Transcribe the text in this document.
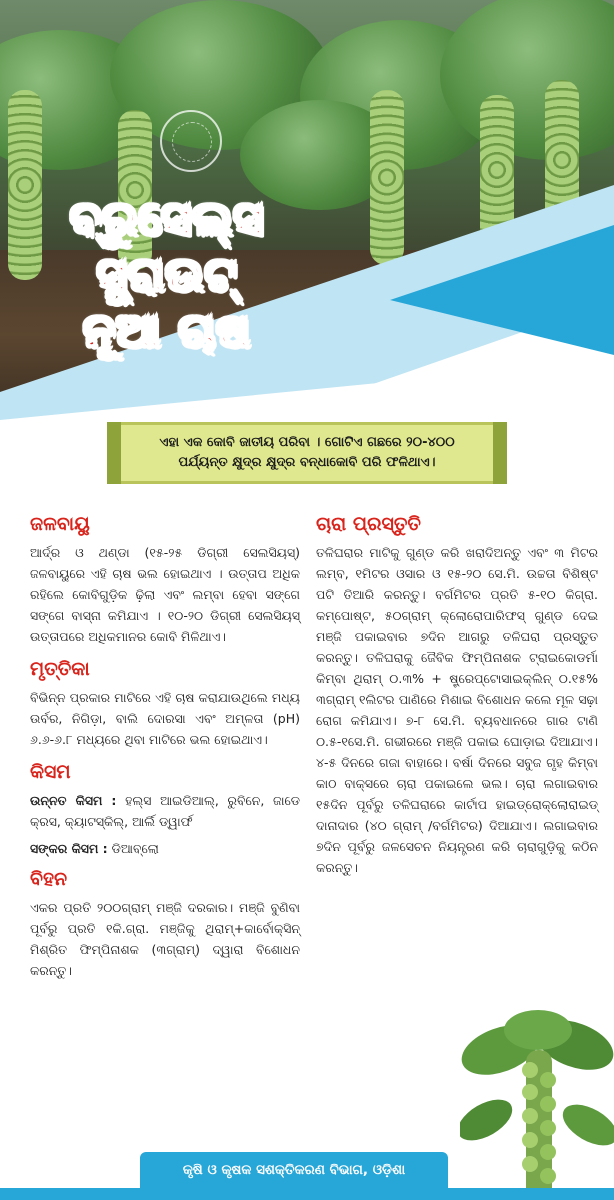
ବ୍ରୁସେଲ୍ସ ସ୍ପ୍ରାଉଟ୍
ନୂଆ ଚାଷ
ଏହା ଏକ କୋବି ଜାତୀୟ ପରିବା । ଗୋଟିଏ ଗଛରେ ୨୦-୪୦୦ ପର୍ଯ୍ୟନ୍ତ କ୍ଷୁଦ୍ର କ୍ଷୁଦ୍ର ବନ୍ଧାକୋବି ପରି ଫଳିଥାଏ।
ଜଳବାୟୁ
ଆର୍ଦ୍ର ଓ ଥଣ୍ଡା (୧୫-୨୫ ଡିଗ୍ରୀ ସେଲସିୟସ୍) ଜଳବାୟୁରେ ଏହି ଚାଷ ଭଲ ହୋଇଥାଏ । ଉତ୍ତାପ ଅଧିକ ରହିଲେ କୋବିଗୁଡ଼ିକ ଢ଼ିଲା ଏବଂ ଲମ୍ବା ହେବା ସଙ୍ଗେ ସଙ୍ଗେ ବାସ୍ନା କମିଯାଏ । ୧୦-୨୦ ଡିଗ୍ରୀ ସେଲସିୟସ୍ ଉତ୍ତାପରେ ଅଧିକମାନର କୋବି ମିଳିଥାଏ।
ମୃତ୍ତିକା
ବିଭିନ୍ନ ପ୍ରକାର ମାଟିରେ ଏହି ଚାଷ କରାଯାଉଥିଲେ ମଧ୍ୟ ଉର୍ବର, ନିଗିଡ଼ା, ବାଲି ଦୋରସା ଏବଂ ଅମ୍ଳତା (pH) ୬.୬-୬.୮ ମଧ୍ୟରେ ଥିବା ମାଟିରେ ଭଲ ହୋଇଥାଏ।
କିସମ
ଉନ୍ନତ କିସମ : ହଲ୍ସ ଆଇଡିଆଲ୍, ରୁବିନେ, ଜାଡେ କ୍ରସ, କ୍ୟାଟସ୍କିଲ୍, ଆର୍ଲି ଡ୍ୱାର୍ଫ
ସଙ୍କର କିସମ : ଡିଆବ୍ଲୋ
ବିହନ
ଏକର ପ୍ରତି ୨୦୦ଗ୍ରାମ୍ ମଞ୍ଜି ଦରକାର। ମଞ୍ଜି ବୁଣିବା ପୂର୍ବରୁ ପ୍ରତି ୧କି.ଗ୍ରା. ମଞ୍ଜିକୁ ଥିରାମ୍+କାର୍ବୋକ୍ସିନ୍ ମିଶ୍ରିତ ଫିମ୍ପିନାଶକ (୩ଗ୍ରାମ୍) ଦ୍ୱାରା ବିଶୋଧନ କରନ୍ତୁ।
ଚାରା ପ୍ରସ୍ତୁତି
ତଳିଘରାର ମାଟିକୁ ଗୁଣ୍ଡ କରି ଖରାଦିଅନ୍ତୁ ଏବଂ ୩ ମିଟର ଲମ୍ବ, ୧ମିଟର ଓସାର ଓ ୧୫-୨୦ ସେ.ମି. ଉଚ୍ଚତା ବିଶିଷ୍ଟ ପଟି ତିଆରି କରନ୍ତୁ। ବର୍ଗମିଟର ପ୍ରତି ୫-୧୦ କିଗ୍ରା. କମ୍ପୋଷ୍ଟ, ୫୦ଗ୍ରାମ୍ କ୍ଲୋରୋପାରିଫସ୍ ଗୁଣ୍ଡ ଦେଇ ମଞ୍ଜି ପକାଇବାର ୭ଦିନ ଆଗରୁ ତଳିଘରା ପ୍ରସ୍ତୁତ କରନ୍ତୁ। ତଳିଘରାକୁ ଜୈବିକ ଫିମ୍ପିନାଶକ ଟ୍ରାଇକୋଡର୍ମା କିମ୍ବା ଥିରାମ୍ ୦.୩% + ଷ୍ଟ୍ରେପ୍ଟୋସାଇକ୍ଲିନ୍ ୦.୧୫% ୩ଗ୍ରାମ୍ ୧ଲିଟର ପାଣିରେ ମିଶାଇ ବିଶୋଧନ କଲେ ମୂଳ ସଢ଼ା ରୋଗ କମିଯାଏ। ୭-୮ ସେ.ମି. ବ୍ୟବଧାନରେ ଗାର ଟାଣି ୦.୫-୧ସେ.ମି. ଗଭୀରରେ ମଞ୍ଜି ପକାଇ ଘୋଡ଼ାଇ ଦିଆଯାଏ। ୪-୫ ଦିନରେ ଗଜା ବାହାରେ। ବର୍ଷା ଦିନରେ ସବୁଜ ଗୃହ କିମ୍ବା କାଠ ବାକ୍ସରେ ଚାରା ପକାଇଲେ ଭଲ। ଚାରା ଲଗାଇବାର ୧୫ଦିନ ପୂର୍ବରୁ ତଳିଘରାରେ କାର୍ଟାପ ହାଇଡ୍ରୋକ୍ଲୋରାଇଡ୍ ଦାନାଦାର (୪୦ ଗ୍ରାମ୍ /ବର୍ଗମିଟର) ଦିଆଯାଏ। ଲଗାଇବାର ୭ଦିନ ପୂର୍ବରୁ ଜଳସେଚନ ନିୟନ୍ତ୍ରଣ କରି ଚାରାଗୁଡ଼ିକୁ କଠିନ କରନ୍ତୁ।
କୃଷି ଓ କୃଷକ ସଶକ୍ତିକରଣ ବିଭାଗ, ଓଡ଼ିଶା
